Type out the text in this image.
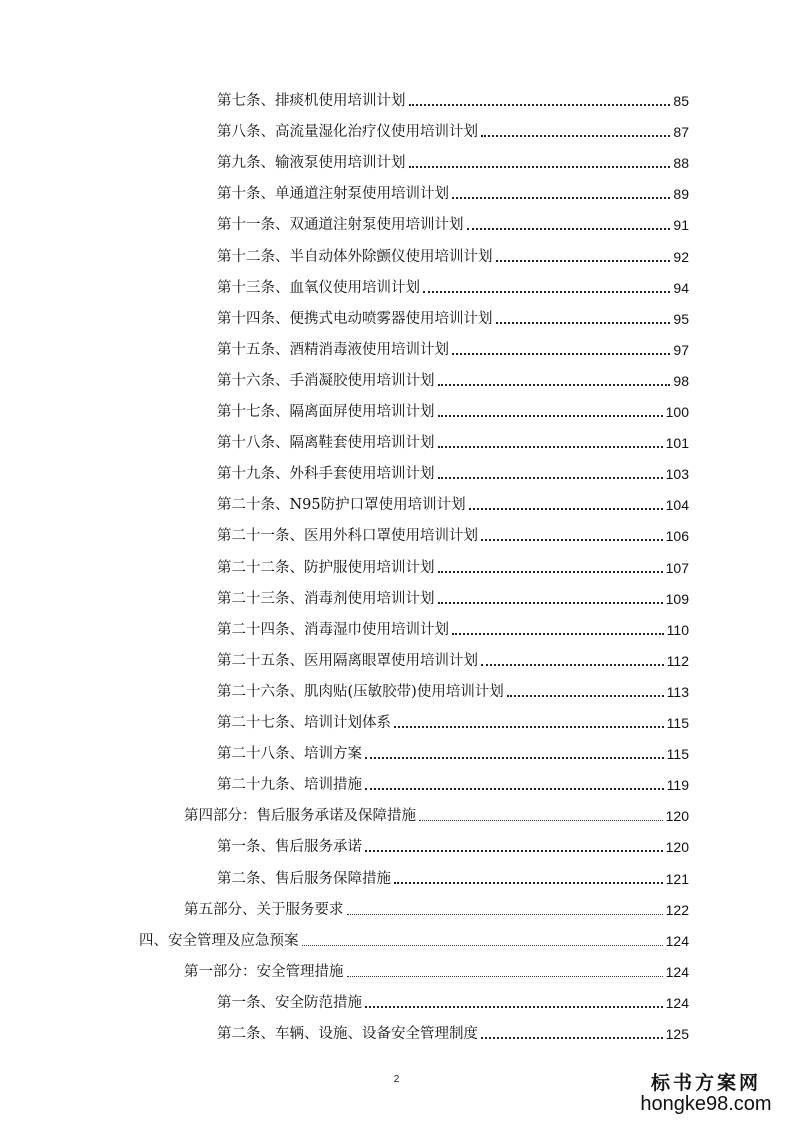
第七条、排痰机使用培训计划	85
第八条、高流量湿化治疗仪使用培训计划	87
第九条、输液泵使用培训计划	88
第十条、单通道注射泵使用培训计划	89
第十一条、双通道注射泵使用培训计划	91
第十二条、半自动体外除颤仪使用培训计划	92
第十三条、血氧仪使用培训计划	94
第十四条、便携式电动喷雾器使用培训计划	95
第十五条、酒精消毒液使用培训计划	97
第十六条、手消凝胶使用培训计划	98
第十七条、隔离面屏使用培训计划	100
第十八条、隔离鞋套使用培训计划	101
第十九条、外科手套使用培训计划	103
第二十条、N95防护口罩使用培训计划	104
第二十一条、医用外科口罩使用培训计划	106
第二十二条、防护服使用培训计划	107
第二十三条、消毒剂使用培训计划	109
第二十四条、消毒湿巾使用培训计划	110
第二十五条、医用隔离眼罩使用培训计划	112
第二十六条、肌肉贴(压敏胶带)使用培训计划	113
第二十七条、培训计划体系	115
第二十八条、培训方案	115
第二十九条、培训措施	119
第四部分：售后服务承诺及保障措施	120
第一条、售后服务承诺	120
第二条、售后服务保障措施	121
第五部分、关于服务要求	122
四、安全管理及应急预案	124
第一部分：安全管理措施	124
第一条、安全防范措施	124
第二条、车辆、设施、设备安全管理制度	125
2	标书方案网
hongke98.com
